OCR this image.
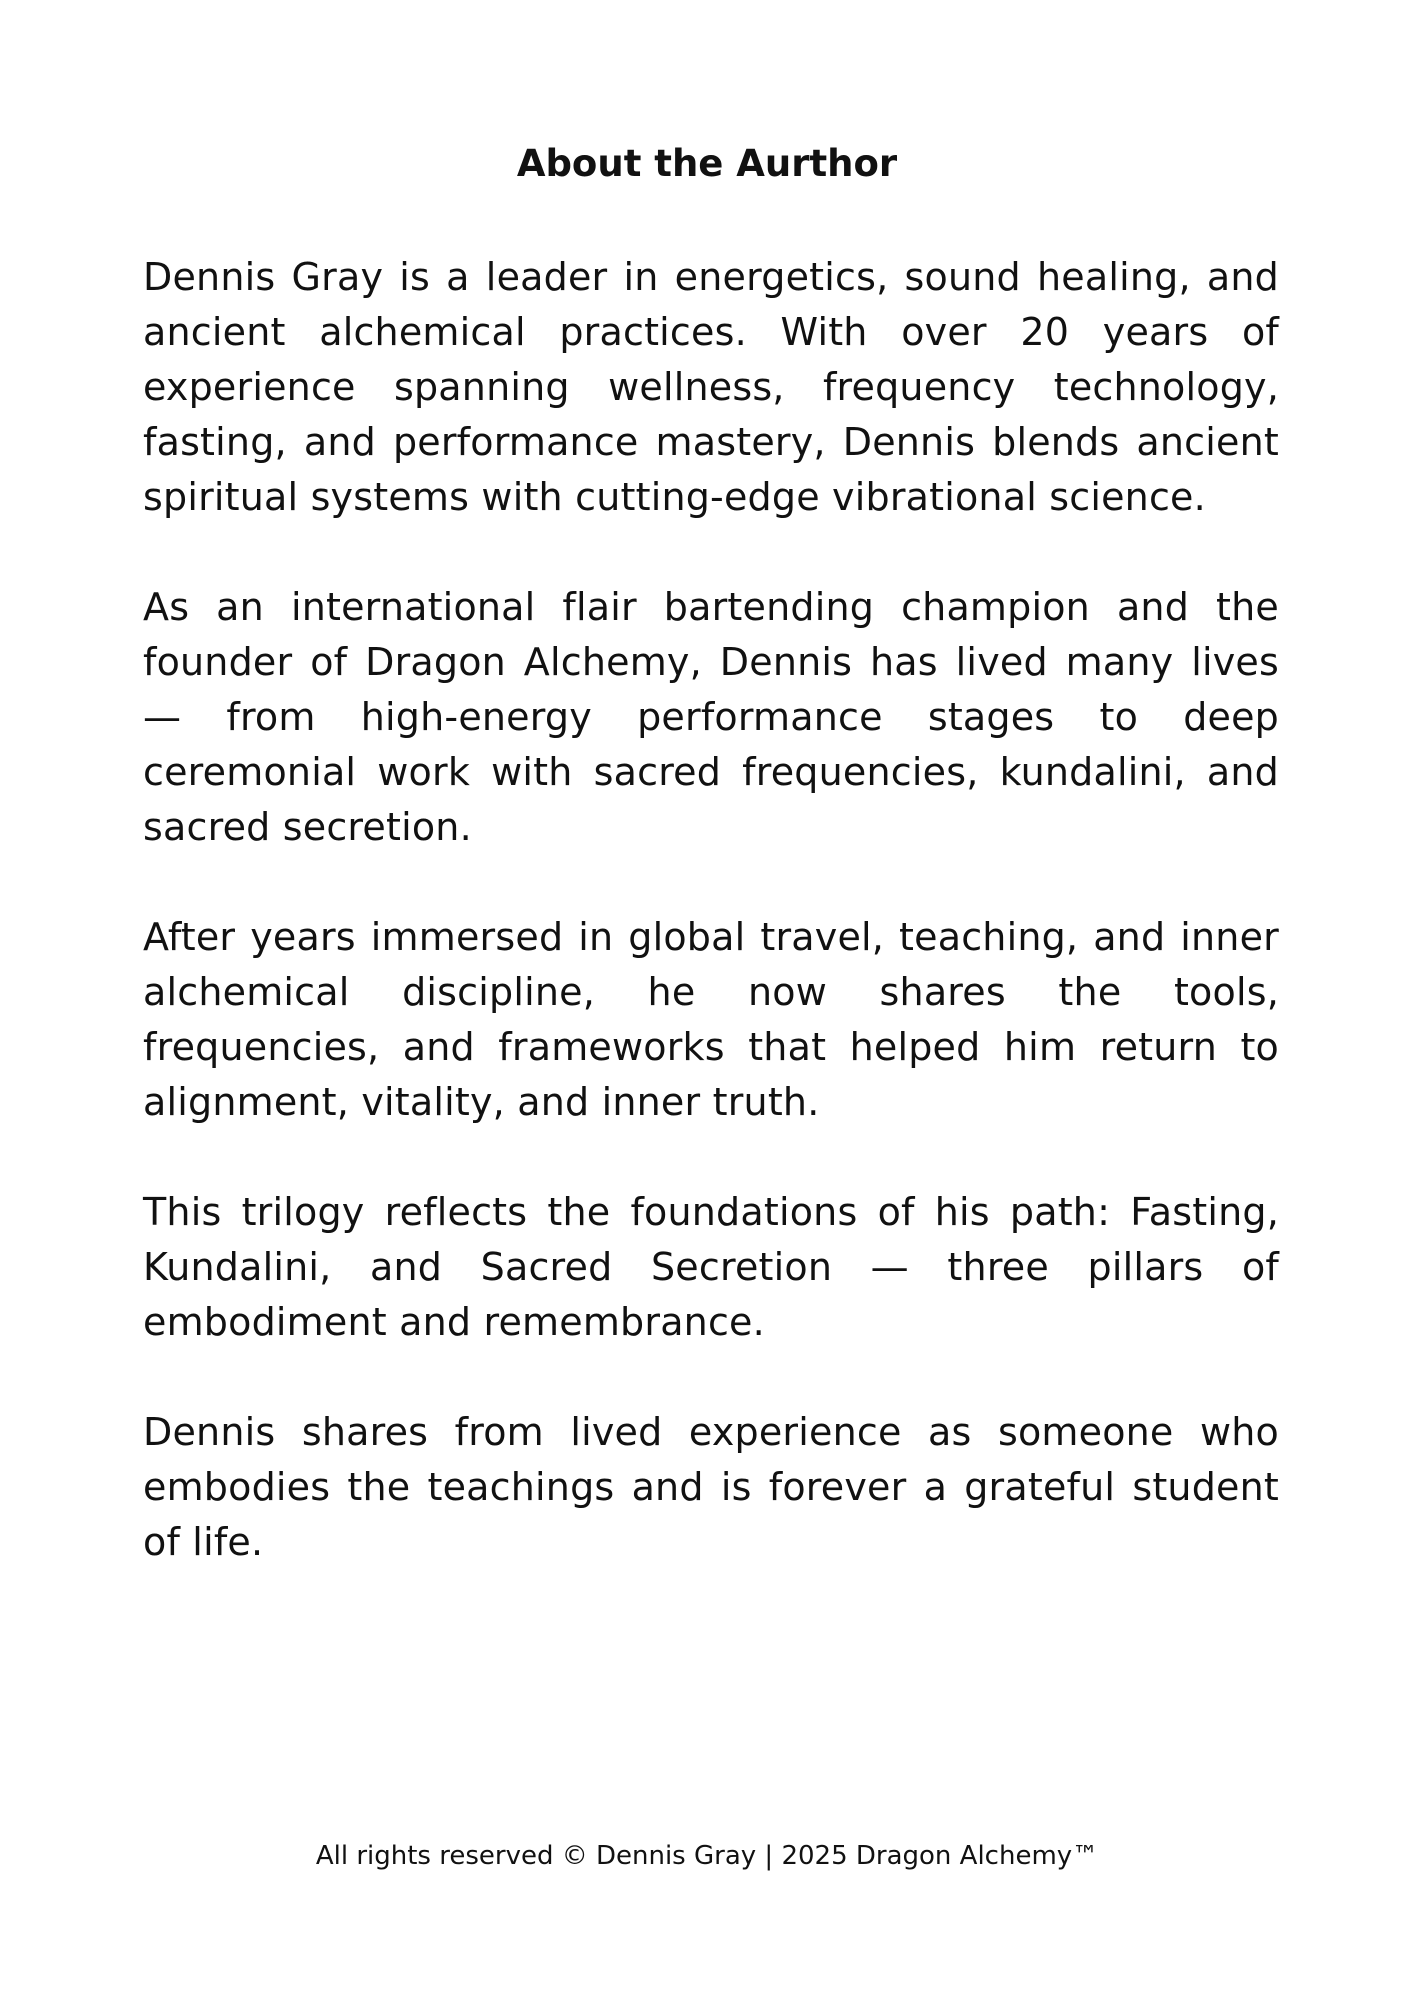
About the Aurthor

Dennis Gray is a leader in energetics, sound healing, and ancient alchemical practices. With over 20 years of experience spanning wellness, frequency technology, fasting, and performance mastery, Dennis blends ancient spiritual systems with cutting-edge vibrational science.

As an international flair bartending champion and the founder of Dragon Alchemy, Dennis has lived many lives — from high-energy performance stages to deep ceremonial work with sacred frequencies, kundalini, and sacred secretion.

After years immersed in global travel, teaching, and inner alchemical discipline, he now shares the tools, frequencies, and frameworks that helped him return to alignment, vitality, and inner truth.

This trilogy reflects the foundations of his path: Fasting, Kundalini, and Sacred Secretion — three pillars of embodiment and remembrance.

Dennis shares from lived experience as someone who embodies the teachings and is forever a grateful student of life.

All rights reserved © Dennis Gray | 2025 Dragon Alchemy™
